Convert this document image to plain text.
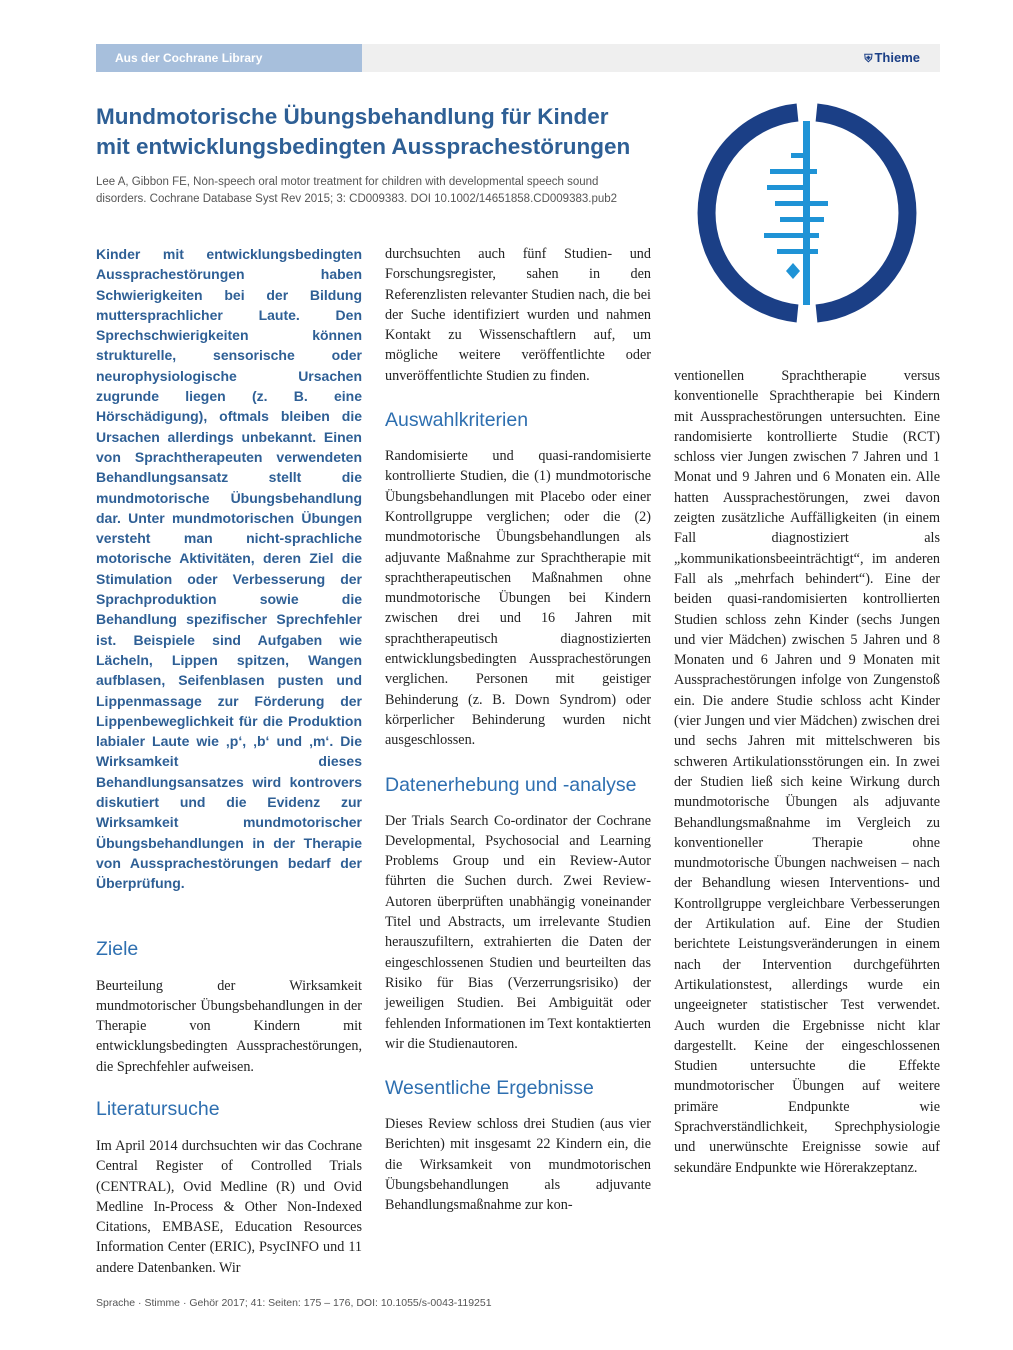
Aus der Cochrane Library	⛨ Thieme
Mundmotorische Übungsbehandlung für Kinder
mit entwicklungsbedingten Aussprachestörungen

Lee A, Gibbon FE, Non-speech oral motor treatment for children with developmental speech sound
disorders. Cochrane Database Syst Rev 2015; 3: CD009383. DOI 10.1002/14651858.CD009383.pub2

Kinder mit entwicklungsbedingten Aussprachestörungen haben Schwierigkeiten bei der Bildung muttersprachlicher Laute. Den Sprechschwierigkeiten können strukturelle, sensorische oder neurophysiologische Ursachen zugrunde liegen (z. B. eine Hörschädigung), oftmals bleiben die Ursachen allerdings unbekannt. Einen von Sprachtherapeuten verwendeten Behandlungsansatz stellt die mundmotorische Übungsbehandlung dar. Unter mundmotorischen Übungen versteht man nicht-sprachliche motorische Aktivitäten, deren Ziel die Stimulation oder Verbesserung der Sprachproduktion sowie die Behandlung spezifischer Sprechfehler ist. Beispiele sind Aufgaben wie Lächeln, Lippen spitzen, Wangen aufblasen, Seifenblasen pusten und Lippenmassage zur Förderung der Lippenbeweglichkeit für die Produktion labialer Laute wie ‚p‘, ‚b‘ und ‚m‘. Die Wirksamkeit dieses Behandlungsansatzes wird kontrovers diskutiert und die Evidenz zur Wirksamkeit mundmotorischer Übungsbehandlungen in der Therapie von Aussprachestörungen bedarf der Überprüfung.

Ziele

Beurteilung der Wirksamkeit mundmotorischer Übungsbehandlungen in der Therapie von Kindern mit entwicklungsbedingten Aussprachestörungen, die Sprechfehler aufweisen.

Literatursuche

Im April 2014 durchsuchten wir das Cochrane Central Register of Controlled Trials (CENTRAL), Ovid Medline (R) und Ovid Medline In-Process & Other Non-Indexed Citations, EMBASE, Education Resources Information Center (ERIC), PsycINFO und 11 andere Datenbanken. Wir

durchsuchten auch fünf Studien- und Forschungsregister, sahen in den Referenzlisten relevanter Studien nach, die bei der Suche identifiziert wurden und nahmen Kontakt zu Wissenschaftlern auf, um mögliche weitere veröffentlichte oder unveröffentlichte Studien zu finden.

Auswahlkriterien

Randomisierte und quasi-randomisierte kontrollierte Studien, die (1) mundmotorische Übungsbehandlungen mit Placebo oder einer Kontrollgruppe verglichen; oder die (2) mundmotorische Übungsbehandlungen als adjuvante Maßnahme zur Sprachtherapie mit sprachtherapeutischen Maßnahmen ohne mundmotorische Übungen bei Kindern zwischen drei und 16 Jahren mit sprachtherapeutisch diagnostizierten entwicklungsbedingten Aussprachestörungen verglichen. Personen mit geistiger Behinderung (z. B. Down Syndrom) oder körperlicher Behinderung wurden nicht ausgeschlossen.

Datenerhebung und -analyse

Der Trials Search Co-ordinator der Cochrane Developmental, Psychosocial and Learning Problems Group und ein Review-Autor führten die Suchen durch. Zwei Review-Autoren überprüften unabhängig voneinander Titel und Abstracts, um irrelevante Studien herauszufiltern, extrahierten die Daten der eingeschlossenen Studien und beurteilten das Risiko für Bias (Verzerrungsrisiko) der jeweiligen Studien. Bei Ambiguität oder fehlenden Informationen im Text kontaktierten wir die Studienautoren.

Wesentliche Ergebnisse

Dieses Review schloss drei Studien (aus vier Berichten) mit insgesamt 22 Kindern ein, die die Wirksamkeit von mundmotorischen Übungsbehandlungen als adjuvante Behandlungsmaßnahme zur kon-

ventionellen Sprachtherapie versus konventionelle Sprachtherapie bei Kindern mit Aussprachestörungen untersuchten. Eine randomisierte kontrollierte Studie (RCT) schloss vier Jungen zwischen 7 Jahren und 1 Monat und 9 Jahren und 6 Monaten ein. Alle hatten Aussprachestörungen, zwei davon zeigten zusätzliche Auffälligkeiten (in einem Fall diagnostiziert als „kommunikationsbeeinträchtigt“, im anderen Fall als „mehrfach behindert“). Eine der beiden quasi-randomisierten kontrollierten Studien schloss zehn Kinder (sechs Jungen und vier Mädchen) zwischen 5 Jahren und 8 Monaten und 6 Jahren und 9 Monaten mit Aussprachestörungen infolge von Zungenstoß ein. Die andere Studie schloss acht Kinder (vier Jungen und vier Mädchen) zwischen drei und sechs Jahren mit mittelschweren bis schweren Artikulationsstörungen ein. In zwei der Studien ließ sich keine Wirkung durch mundmotorische Übungen als adjuvante Behandlungsmaßnahme im Vergleich zu konventioneller Therapie ohne mundmotorische Übungen nachweisen – nach der Behandlung wiesen Interventions- und Kontrollgruppe vergleichbare Verbesserungen der Artikulation auf. Eine der Studien berichtete Leistungsveränderungen in einem nach der Intervention durchgeführten Artikulationstest, allerdings wurde ein ungeeigneter statistischer Test verwendet. Auch wurden die Ergebnisse nicht klar dargestellt. Keine der eingeschlossenen Studien untersuchte die Effekte mundmotorischer Übungen auf weitere primäre Endpunkte wie Sprachverständlichkeit, Sprechphysiologie und unerwünschte Ereignisse sowie auf sekundäre Endpunkte wie Hörerakzeptanz.

Sprache · Stimme · Gehör 2017; 41: Seiten: 175 – 176, DOI: 10.1055/s-0043-119251
